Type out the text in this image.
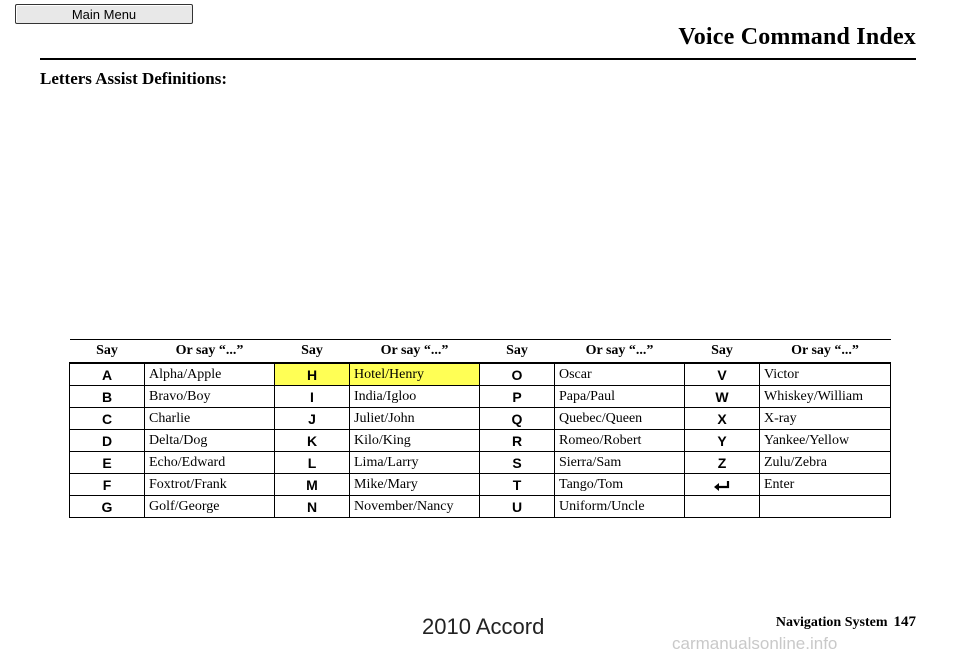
Main Menu
Voice Command Index
Letters Assist Definitions:
Say	Or say “...”	Say	Or say “...”	Say	Or say “...”	Say	Or say “...”
A	Alpha/Apple	H	Hotel/Henry	O	Oscar	V	Victor
B	Bravo/Boy	I	India/Igloo	P	Papa/Paul	W	Whiskey/William
C	Charlie	J	Juliet/John	Q	Quebec/Queen	X	X-ray
D	Delta/Dog	K	Kilo/King	R	Romeo/Robert	Y	Yankee/Yellow
E	Echo/Edward	L	Lima/Larry	S	Sierra/Sam	Z	Zulu/Zebra
F	Foxtrot/Frank	M	Mike/Mary	T	Tango/Tom		Enter
G	Golf/George	N	November/Nancy	U	Uniform/Uncle		
Navigation System 147
2010 Accord
carmanualsonline.info
